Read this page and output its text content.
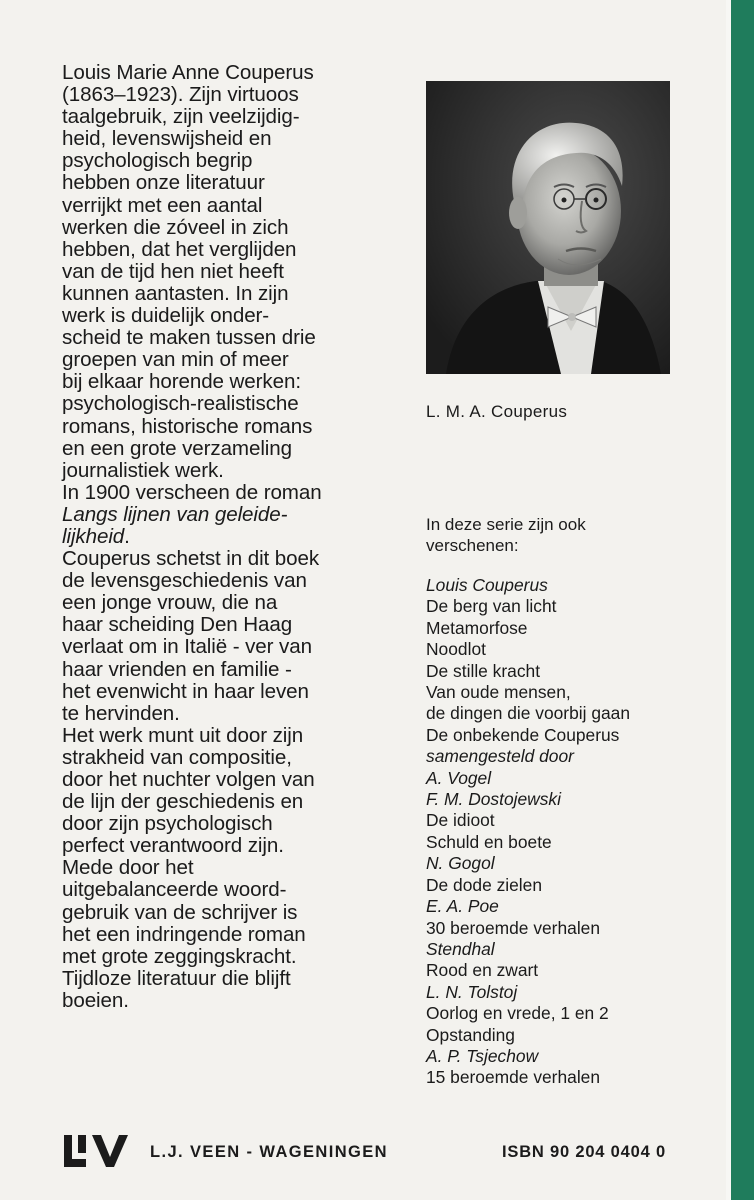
Louis Marie Anne Couperus
(1863–1923). Zijn virtuoos
taalgebruik, zijn veelzijdig-
heid, levenswijsheid en
psychologisch begrip
hebben onze literatuur
verrijkt met een aantal
werken die zóveel in zich
hebben, dat het verglijden
van de tijd hen niet heeft
kunnen aantasten. In zijn
werk is duidelijk onder-
scheid te maken tussen drie
groepen van min of meer
bij elkaar horende werken:
psychologisch-realistische
romans, historische romans
en een grote verzameling
journalistiek werk.

In 1900 verscheen de roman
Langs lijnen van geleide-
lijkheid.

Couperus schetst in dit boek
de levensgeschiedenis van
een jonge vrouw, die na
haar scheiding Den Haag
verlaat om in Italië - ver van
haar vrienden en familie -
het evenwicht in haar leven
te hervinden.

Het werk munt uit door zijn
strakheid van compositie,
door het nuchter volgen van
de lijn der geschiedenis en
door zijn psychologisch
perfect verantwoord zijn.

Mede door het
uitgebalanceerde woord-
gebruik van de schrijver is
het een indringende roman
met grote zeggingskracht.

Tijdloze literatuur die blijft
boeien.

L. M. A. Couperus
In deze serie zijn ook
verschenen:
Louis Couperus
De berg van licht
Metamorfose
Noodlot
De stille kracht
Van oude mensen,
de dingen die voorbij gaan
De onbekende Couperus
samengesteld door
A. Vogel
F. M. Dostojewski
De idioot
Schuld en boete
N. Gogol
De dode zielen
E. A. Poe
30 beroemde verhalen
Stendhal
Rood en zwart
L. N. Tolstoj
Oorlog en vrede, 1 en 2
Opstanding
A. P. Tsjechow
15 beroemde verhalen
L.J. VEEN - WAGENINGEN	ISBN 90 204 0404 0
